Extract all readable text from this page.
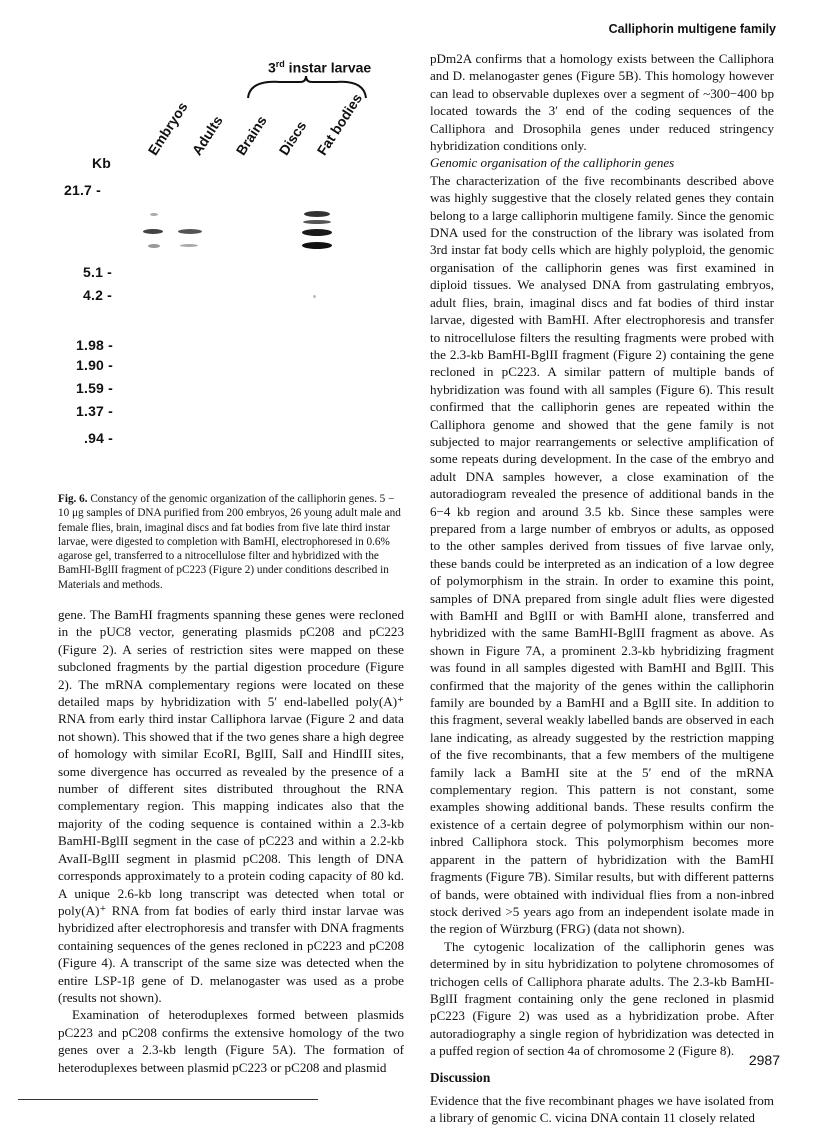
Calliphorin multigene family
3rd instar larvae
Embryos
Adults Brains Discs Fat bodies
Kb
21.7 -
5.1 -
4.2 -
1.98 -
1.90 -
1.59 -
1.37 -
.94 -
Fig. 6. Constancy of the genomic organization of the calliphorin genes. 5 − 10 μg samples of DNA purified from 200 embryos, 26 young adult male and female flies, brain, imaginal discs and fat bodies from five late third instar larvae, were digested to completion with BamHI, electrophoresed in 0.6% agarose gel, transferred to a nitrocellulose filter and hybridized with the BamHI-BglII fragment of pC223 (Figure 2) under conditions described in Materials and methods.

gene. The BamHI fragments spanning these genes were recloned in the pUC8 vector, generating plasmids pC208 and pC223 (Figure 2). A series of restriction sites were mapped on these subcloned fragments by the partial digestion procedure (Figure 2). The mRNA complementary regions were located on these detailed maps by hybridization with 5′ end-labelled poly(A)⁺ RNA from early third instar Calliphora larvae (Figure 2 and data not shown). This showed that if the two genes share a high degree of homology with similar EcoRI, BglII, SalI and HindIII sites, some divergence has occurred as revealed by the presence of a number of different sites distributed throughout the RNA complementary region. This mapping indicates also that the majority of the coding sequence is contained within a 2.3-kb BamHI-BglII segment in the case of pC223 and within a 2.2-kb AvaII-BglII segment in plasmid pC208. This length of DNA corresponds approximately to a protein coding capacity of 80 kd. A unique 2.6-kb long transcript was detected when total or poly(A)⁺ RNA from fat bodies of early third instar larvae was hybridized after electrophoresis and transfer with DNA fragments containing sequences of the genes recloned in pC223 and pC208 (Figure 4). A transcript of the same size was detected when the entire LSP-1β gene of D. melanogaster was used as a probe (results not shown).

Examination of heteroduplexes formed between plasmids pC223 and pC208 confirms the extensive homology of the two genes over a 2.3-kb length (Figure 5A). The formation of heteroduplexes between plasmid pC223 or pC208 and plasmid

pDm2A confirms that a homology exists between the Calliphora and D. melanogaster genes (Figure 5B). This homology however can lead to observable duplexes over a segment of ~300−400 bp located towards the 3′ end of the coding sequences of the Calliphora and Drosophila genes under reduced stringency hybridization conditions only.

Genomic organisation of the calliphorin genes

The characterization of the five recombinants described above was highly suggestive that the closely related genes they contain belong to a large calliphorin multigene family. Since the genomic DNA used for the construction of the library was isolated from 3rd instar fat body cells which are highly polyploid, the genomic organisation of the calliphorin genes was first examined in diploid tissues. We analysed DNA from gastrulating embryos, adult flies, brain, imaginal discs and fat bodies of third instar larvae, digested with BamHI. After electrophoresis and transfer to nitrocellulose filters the resulting fragments were probed with the 2.3-kb BamHI-BglII fragment (Figure 2) containing the gene recloned in pC223. A similar pattern of multiple bands of hybridization was found with all samples (Figure 6). This result confirmed that the calliphorin genes are repeated within the Calliphora genome and showed that the gene family is not subjected to major rearrangements or selective amplification of some repeats during development. In the case of the embryo and adult DNA samples however, a close examination of the autoradiogram revealed the presence of additional bands in the 6−4 kb region and around 3.5 kb. Since these samples were prepared from a large number of embryos or adults, as opposed to the other samples derived from tissues of five larvae only, these bands could be interpreted as an indication of a low degree of polymorphism in the strain. In order to examine this point, samples of DNA prepared from single adult flies were digested with BamHI and BglII or with BamHI alone, transferred and hybridized with the same BamHI-BglII fragment as above. As shown in Figure 7A, a prominent 2.3-kb hybridizing fragment was found in all samples digested with BamHI and BglII. This confirmed that the majority of the genes within the calliphorin family are bounded by a BamHI and a BglII site. In addition to this fragment, several weakly labelled bands are observed in each lane indicating, as already suggested by the restriction mapping of the five recombinants, that a few members of the multigene family lack a BamHI site at the 5′ end of the mRNA complementary region. This pattern is not constant, some examples showing additional bands. These results confirm the existence of a certain degree of polymorphism within our non-inbred Calliphora stock. This polymorphism becomes more apparent in the pattern of hybridization with the BamHI fragments (Figure 7B). Similar results, but with different patterns of bands, were obtained with individual flies from a non-inbred stock derived >5 years ago from an independent isolate made in the region of Würzburg (FRG) (data not shown).

The cytogenic localization of the calliphorin genes was determined by in situ hybridization to polytene chromosomes of trichogen cells of Calliphora pharate adults. The 2.3-kb BamHI-BglII fragment containing only the gene recloned in plasmid pC223 (Figure 2) was used as a hybridization probe. After autoradiography a single region of hybridization was detected in a puffed region of section 4a of chromosome 2 (Figure 8).

Discussion

Evidence that the five recombinant phages we have isolated from a library of genomic C. vicina DNA contain 11 closely related

2987
